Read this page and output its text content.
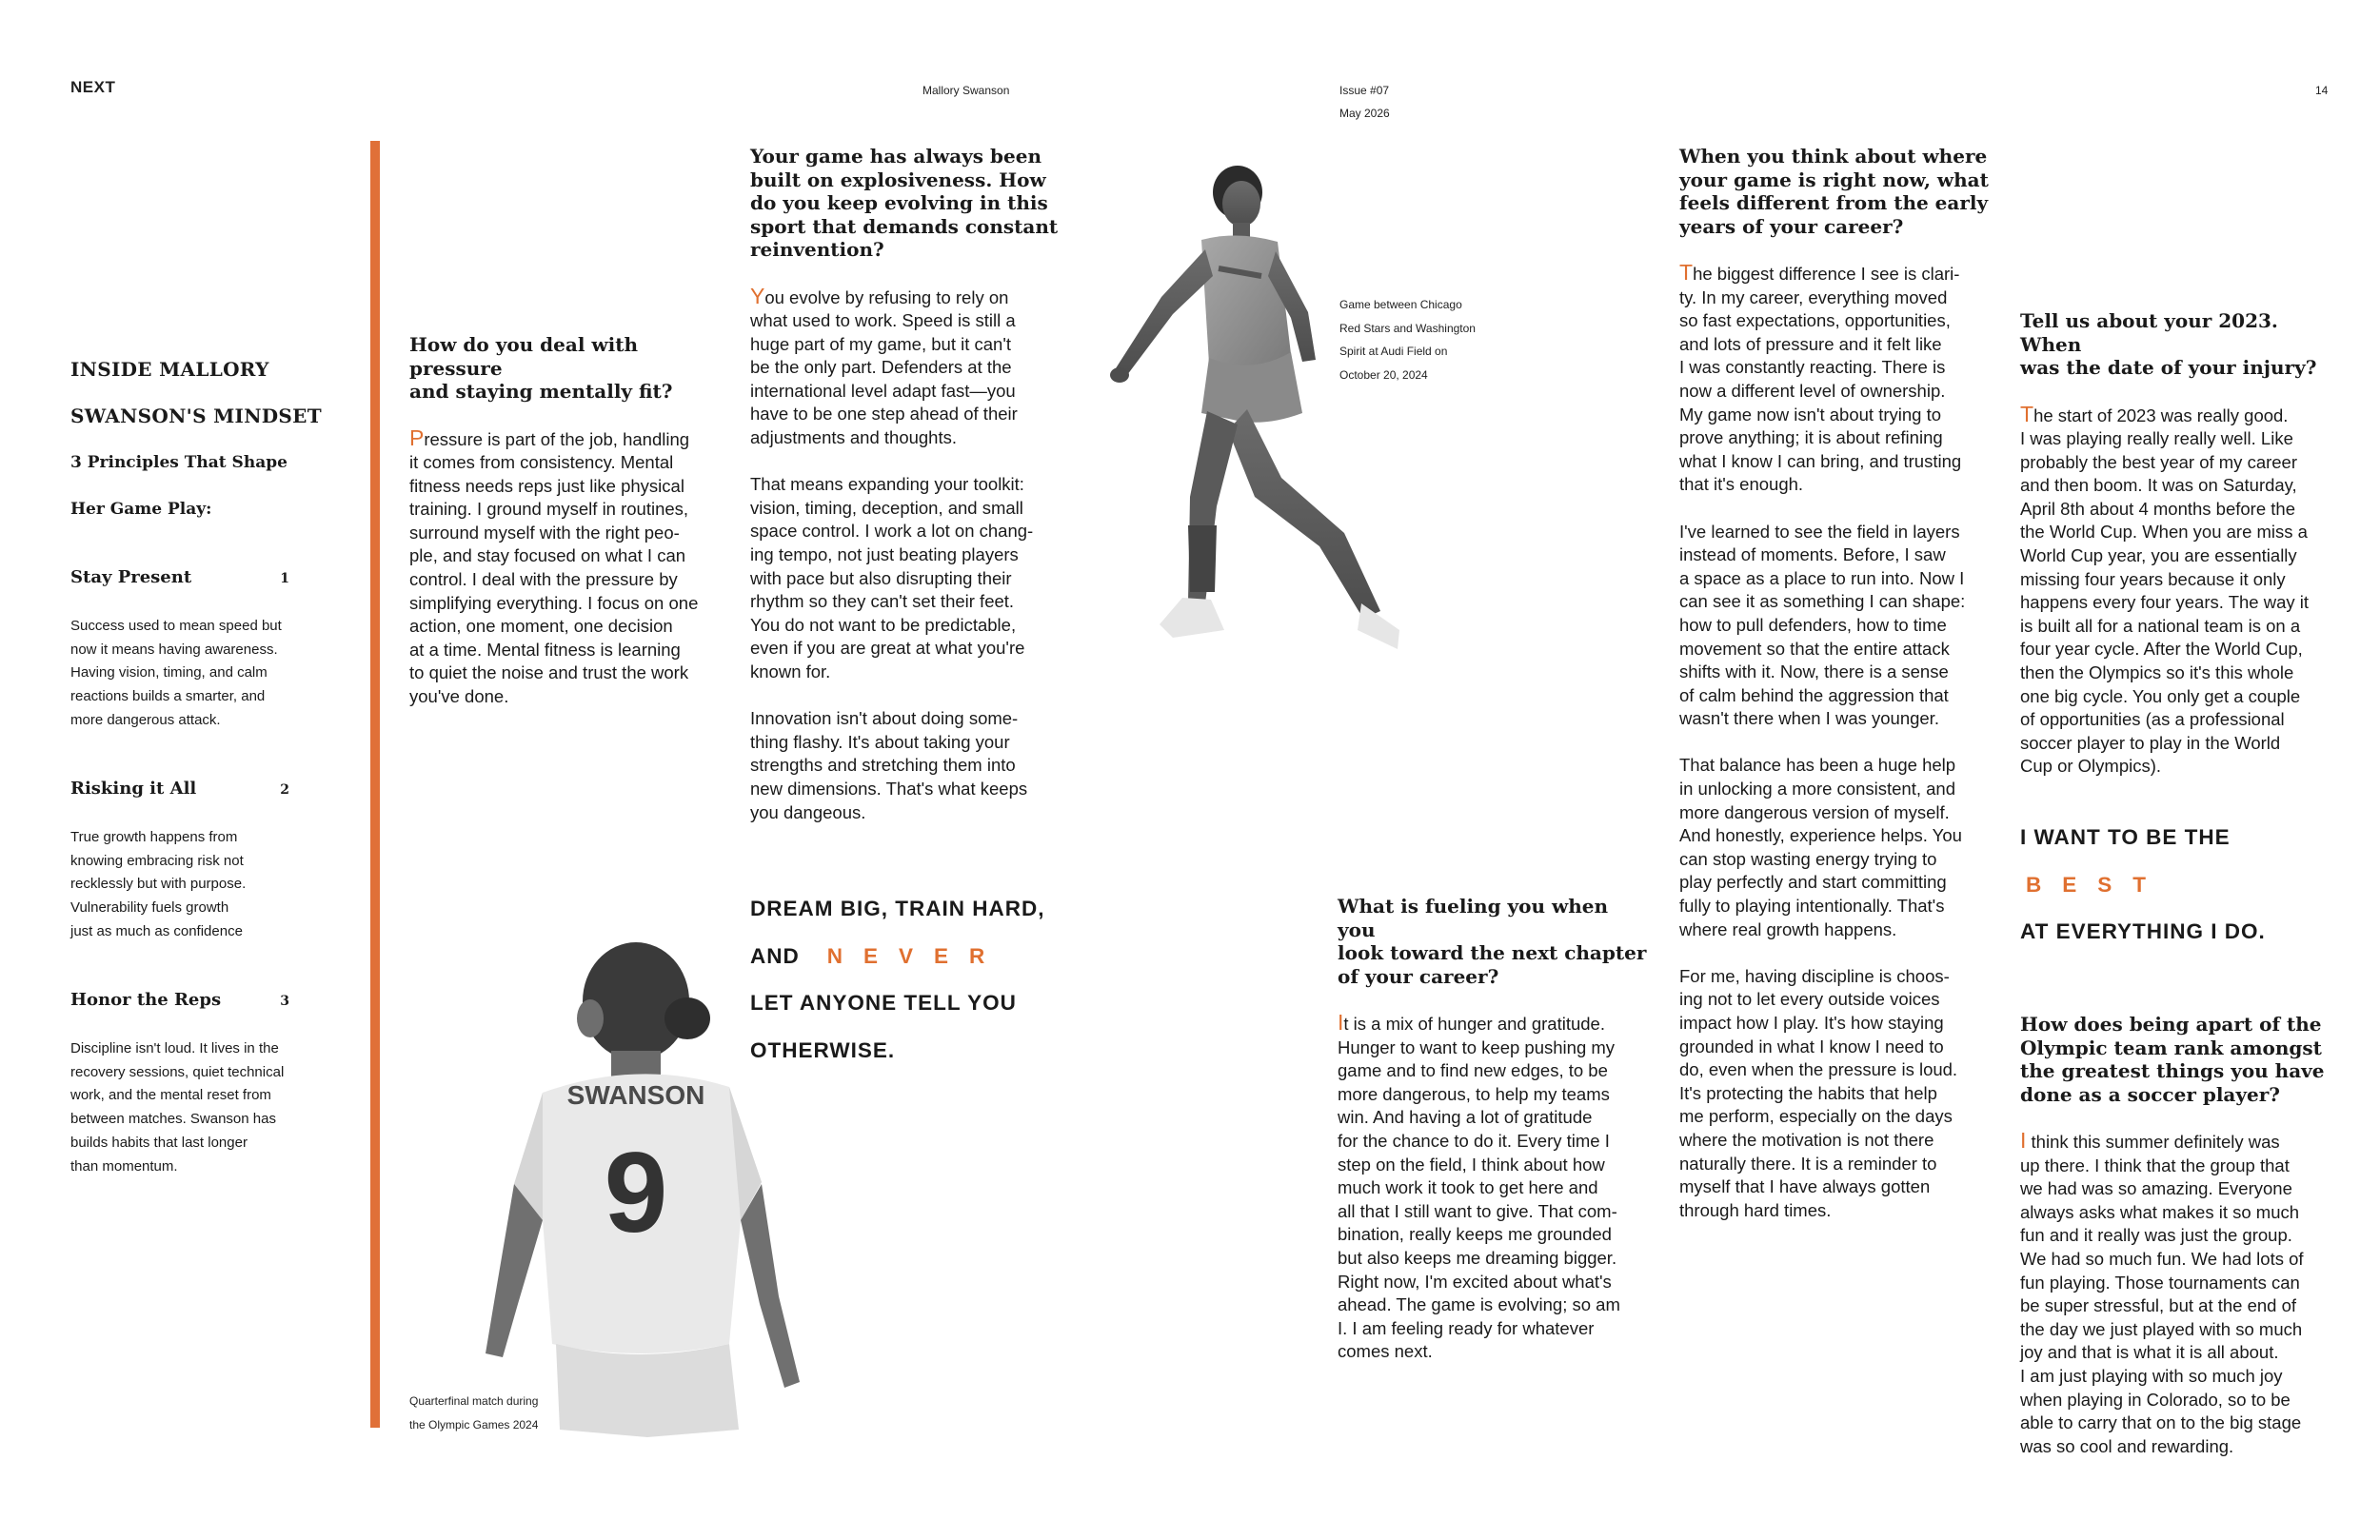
NEXT	Mallory Swanson	Issue #07
May 2026
14
INSIDE MALLORY
SWANSON'S MINDSET
3 Principles That Shape
Her Game Play:
Stay Present	1
Success used to mean speed but
now it means having awareness.
Having vision, timing, and calm
reactions builds a smarter, and
more dangerous attack.
Risking it All	2
True growth happens from
knowing embracing risk not
recklessly but with purpose.
Vulnerability fuels growth
just as much as confidence
Honor the Reps	3
Discipline isn't loud. It lives in the
recovery sessions, quiet technical
work, and the mental reset from
between matches. Swanson has
builds habits that last longer
than momentum.
How do you deal with pressure
and staying mentally fit?
Pressure is part of the job, handling
it comes from consistency. Mental
fitness needs reps just like physical
training. I ground myself in routines,
surround myself with the right peo-
ple, and stay focused on what I can
control. I deal with the pressure by
simplifying everything. I focus on one
action, one moment, one decision
at a time. Mental fitness is learning
to quiet the noise and trust the work
you've done.
Your game has always been
built on explosiveness. How
do you keep evolving in this
sport that demands constant
reinvention?

You evolve by refusing to rely on
what used to work. Speed is still a
huge part of my game, but it can't
be the only part. Defenders at the
international level adapt fast—you
have to be one step ahead of their
adjustments and thoughts.

That means expanding your toolkit:
vision, timing, deception, and small
space control. I work a lot on chang-
ing tempo, not just beating players
with pace but also disrupting their
rhythm so they can't set their feet.
You do not want to be predictable,
even if you are great at what you're
known for.

Innovation isn't about doing some-
thing flashy. It's about taking your
strengths and stretching them into
new dimensions. That's what keeps
you dangeous.

DREAM BIG, TRAIN HARD,
AND NEVER
LET ANYONE TELL YOU
OTHERWISE.
Game between Chicago
Red Stars and Washington
Spirit at Audi Field on
October 20, 2024
SWANSON
9
Quarterfinal match during
the Olympic Games 2024
What is fueling you when you
look toward the next chapter
of your career?
It is a mix of hunger and gratitude.
Hunger to want to keep pushing my
game and to find new edges, to be
more dangerous, to help my teams
win. And having a lot of gratitude
for the chance to do it. Every time I
step on the field, I think about how
much work it took to get here and
all that I still want to give. That com-
bination, really keeps me grounded
but also keeps me dreaming bigger.
Right now, I'm excited about what's
ahead. The game is evolving; so am
I. I am feeling ready for whatever
comes next.
When you think about where
your game is right now, what
feels different from the early
years of your career?

The biggest difference I see is clari-
ty. In my career, everything moved
so fast expectations, opportunities,
and lots of pressure and it felt like
I was constantly reacting. There is
now a different level of ownership.
My game now isn't about trying to
prove anything; it is about refining
what I know I can bring, and trusting
that it's enough.

I've learned to see the field in layers
instead of moments. Before, I saw
a space as a place to run into. Now I
can see it as something I can shape:
how to pull defenders, how to time
movement so that the entire attack
shifts with it. Now, there is a sense
of calm behind the aggression that
wasn't there when I was younger.

That balance has been a huge help
in unlocking a more consistent, and
more dangerous version of myself.
And honestly, experience helps. You
can stop wasting energy trying to
play perfectly and start committing
fully to playing intentionally. That's
where real growth happens.

For me, having discipline is choos-
ing not to let every outside voices
impact how I play. It's how staying
grounded in what I know I need to
do, even when the pressure is loud.
It's protecting the habits that help
me perform, especially on the days
where the motivation is not there
naturally there. It is a reminder to
myself that I have always gotten
through hard times.

Tell us about your 2023. When
was the date of your injury?
The start of 2023 was really good.
I was playing really really well. Like
probably the best year of my career
and then boom. It was on Saturday,
April 8th about 4 months before the
the World Cup. When you are miss a
World Cup year, you are essentially
missing four years because it only
happens every four years. The way it
is built all for a national team is on a
four year cycle. After the World Cup,
then the Olympics so it's this whole
one big cycle. You only get a couple
of opportunities (as a professional
soccer player to play in the World
Cup or Olympics).
I WANT TO BE THE
BEST
AT EVERYTHING I DO.
How does being apart of the
Olympic team rank amongst
the greatest things you have
done as a soccer player?
I think this summer definitely was
up there. I think that the group that
we had was so amazing. Everyone
always asks what makes it so much
fun and it really was just the group.
We had so much fun. We had lots of
fun playing. Those tournaments can
be super stressful, but at the end of
the day we just played with so much
joy and that is what it is all about.
I am just playing with so much joy
when playing in Colorado, so to be
able to carry that on to the big stage
was so cool and rewarding.
